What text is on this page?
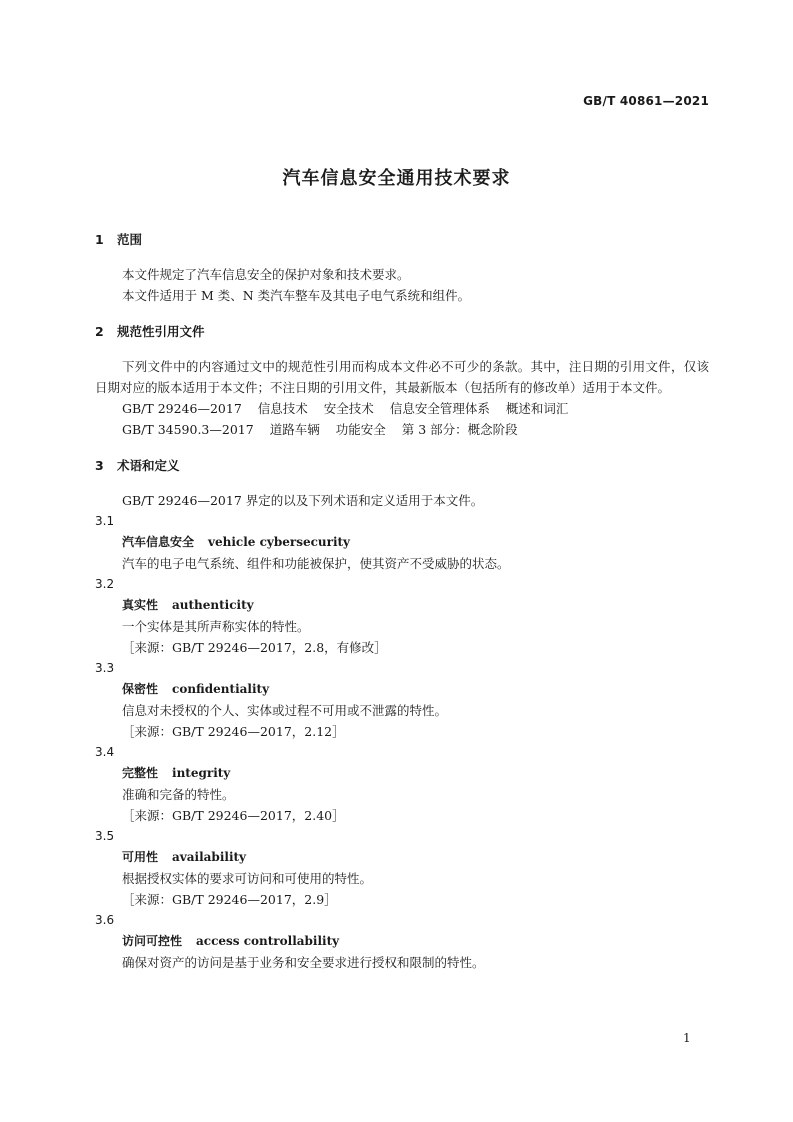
GB/T 40861—2021
汽车信息安全通用技术要求
1 范围

本文件规定了汽车信息安全的保护对象和技术要求。

本文件适用于 M 类、N 类汽车整车及其电子电气系统和组件。

2 规范性引用文件

下列文件中的内容通过文中的规范性引用而构成本文件必不可少的条款。其中，注日期的引用文件，仅该日期对应的版本适用于本文件；不注日期的引用文件，其最新版本（包括所有的修改单）适用于本文件。

GB/T 29246—2017 信息技术 安全技术 信息安全管理体系 概述和词汇
GB/T 34590.3—2017 道路车辆 功能安全 第 3 部分：概念阶段
3 术语和定义

GB/T 29246—2017 界定的以及下列术语和定义适用于本文件。

3.1
汽车信息安全 vehicle cybersecurity
汽车的电子电气系统、组件和功能被保护，使其资产不受威胁的状态。
3.2
真实性 authenticity
一个实体是其所声称实体的特性。
［来源：GB/T 29246—2017，2.8，有修改］
3.3
保密性 confidentiality
信息对未授权的个人、实体或过程不可用或不泄露的特性。
［来源：GB/T 29246—2017，2.12］
3.4
完整性 integrity
准确和完备的特性。
［来源：GB/T 29246—2017，2.40］
3.5
可用性 availability
根据授权实体的要求可访问和可使用的特性。
［来源：GB/T 29246—2017，2.9］
3.6
访问可控性 access controllability
确保对资产的访问是基于业务和安全要求进行授权和限制的特性。
1
